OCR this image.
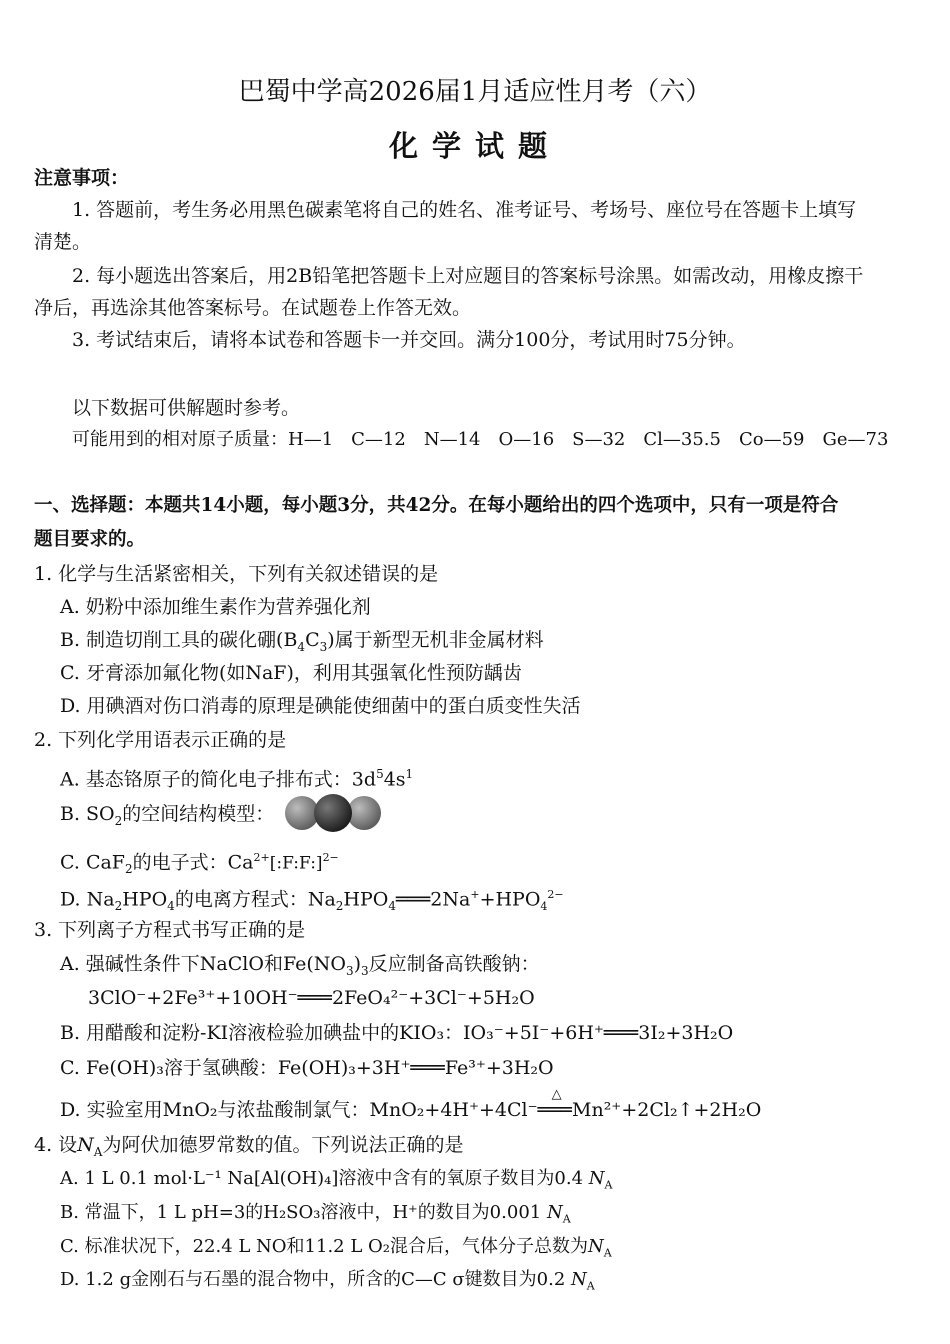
巴蜀中学高2026届1月适应性月考（六）
化学试题
注意事项：
1. 答题前，考生务必用黑色碳素笔将自己的姓名、准考证号、考场号、座位号在答题卡上填写
清楚。
2. 每小题选出答案后，用2B铅笔把答题卡上对应题目的答案标号涂黑。如需改动，用橡皮擦干
净后，再选涂其他答案标号。在试题卷上作答无效。
3. 考试结束后，请将本试卷和答题卡一并交回。满分100分，考试用时75分钟。
以下数据可供解题时参考。
可能用到的相对原子质量：H—1　C—12　N—14　O—16　S—32　Cl—35.5　Co—59　Ge—73
一、选择题：本题共14小题，每小题3分，共42分。在每小题给出的四个选项中，只有一项是符合
题目要求的。
1. 化学与生活紧密相关，下列有关叙述错误的是
A. 奶粉中添加维生素作为营养强化剂
B. 制造切削工具的碳化硼$(B_4C_3)$属于新型无机非金属材料
C. 牙膏添加氟化物(如NaF)，利用其强氧化性预防龋齿
D. 用碘酒对伤口消毒的原理是碘能使细菌中的蛋白质变性失活
2. 下列化学用语表示正确的是
A. 基态铬原子的简化电子排布式：$3d^54s^1$
B. $SO_2$的空间结构模型：
C. CaF$_2$的电子式：$Ca^{2+}[:F:F:]^{2-}$
D. $Na_2HPO_4$的电离方程式：$Na_2HPO_4═══2Na^++HPO_4^{2-}$
3. 下列离子方程式书写正确的是
A. 强碱性条件下NaClO和$Fe(NO_3)_3$反应制备高铁酸钠：
3ClO⁻+2Fe³⁺+10OH⁻═══2FeO₄²⁻+3Cl⁻+5H₂O
B. 用醋酸和淀粉-KI溶液检验加碘盐中的KIO₃：IO₃⁻+5I⁻+6H⁺═══3I₂+3H₂O
C. Fe(OH)₃溶于氢碘酸：Fe(OH)₃+3H⁺═══Fe³⁺+3H₂O
D. 实验室用MnO₂与浓盐酸制氯气：MnO₂+4H⁺+4Cl⁻
△
═══Mn²⁺+2Cl₂↑+2H₂O
4. 设$N_A$为阿伏加德罗常数的值。下列说法正确的是
A. 1 L 0.1 mol·L⁻¹ Na[Al(OH)₄]溶液中含有的氧原子数目为0.4 $N_A$
B. 常温下，1 L pH=3的H₂SO₃溶液中，H⁺的数目为0.001 $N_A$
C. 标准状况下，22.4 L NO和11.2 L O₂混合后，气体分子总数为$N_A$
D. 1.2 g金刚石与石墨的混合物中，所含的C—C σ键数目为0.2 $N_A$
